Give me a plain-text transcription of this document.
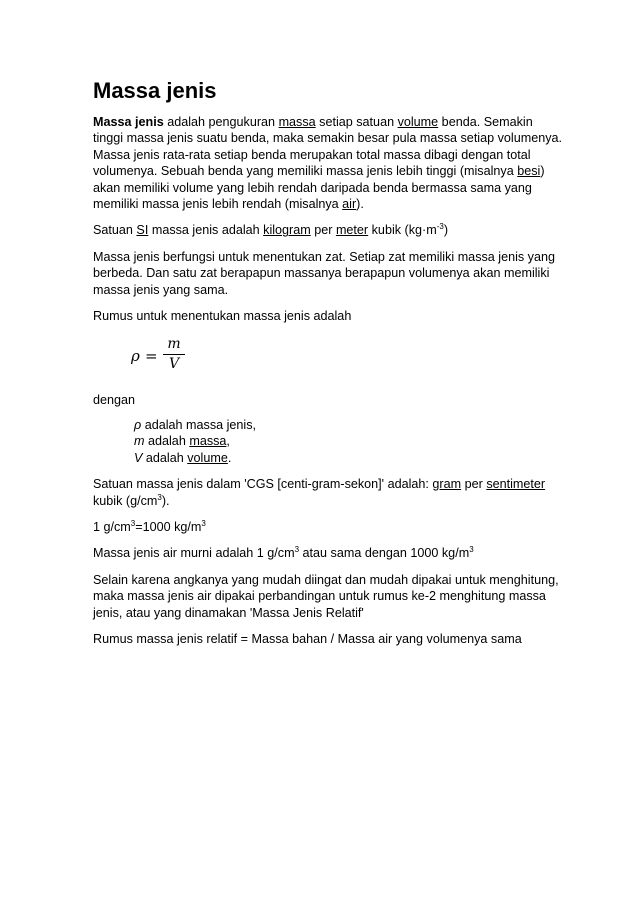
Massa jenis

Massa jenis adalah pengukuran massa setiap satuan volume benda. Semakin tinggi massa jenis suatu benda, maka semakin besar pula massa setiap volumenya. Massa jenis rata-rata setiap benda merupakan total massa dibagi dengan total volumenya. Sebuah benda yang memiliki massa jenis lebih tinggi (misalnya besi) akan memiliki volume yang lebih rendah daripada benda bermassa sama yang memiliki massa jenis lebih rendah (misalnya air).

Satuan SI massa jenis adalah kilogram per meter kubik $(kg\cdot m^{-3})$

Massa jenis berfungsi untuk menentukan zat. Setiap zat memiliki massa jenis yang berbeda. Dan satu zat berapapun massanya berapapun volumenya akan memiliki massa jenis yang sama.

Rumus untuk menentukan massa jenis adalah

ρ =
m
V

dengan

ρ adalah massa jenis,
m adalah massa,
V adalah volume.

Satuan massa jenis dalam 'CGS [centi-gram-sekon]' adalah: gram per sentimeter kubik $(g/cm^3)$.

1 $g/cm^3=1000$ $kg/m^3$

Massa jenis air murni adalah 1 $g/cm^3$ atau sama dengan 1000 $kg/m^3$

Selain karena angkanya yang mudah diingat dan mudah dipakai untuk menghitung, maka massa jenis air dipakai perbandingan untuk rumus ke-2 menghitung massa jenis, atau yang dinamakan 'Massa Jenis Relatif'

Rumus massa jenis relatif = Massa bahan / Massa air yang volumenya sama
